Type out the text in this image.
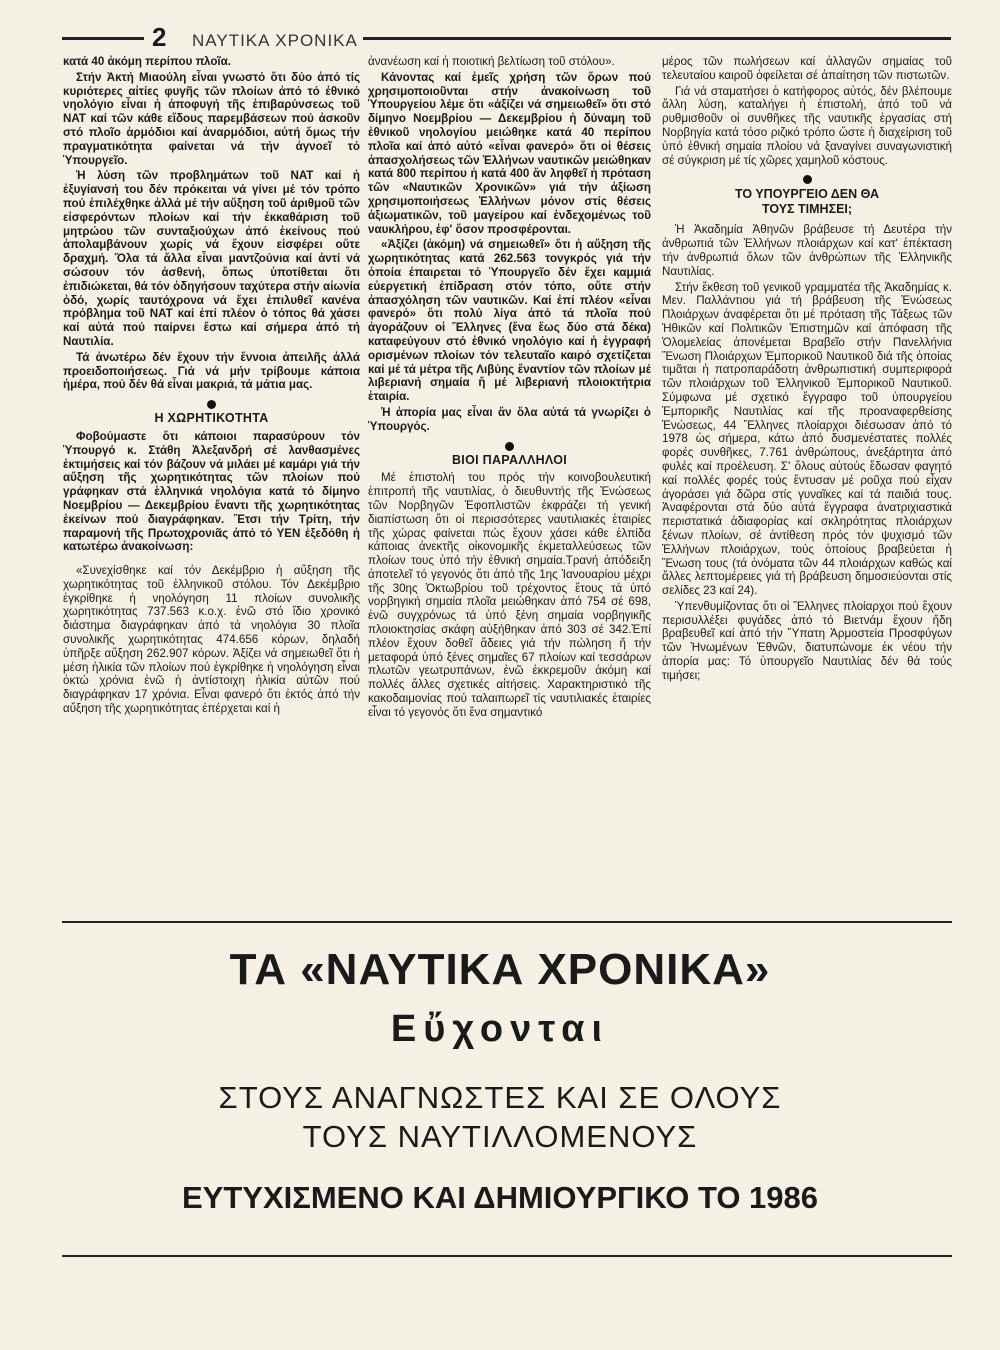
2 ΝΑΥΤΙΚΑ ΧΡΟΝΙΚΑ

κατά 40 ἀκόμη περίπου πλοῖα.

Στήν Ἀκτή Μιαούλη εἶναι γνωστό ὅτι δύο ἀπό τίς κυριότερες αἰτίες φυγῆς τῶν πλοίων ἀπό τό ἐθνικό νηολόγιο εἶναι ἡ ἀποφυγή τῆς ἐπιβαρύνσεως τοῦ ΝΑΤ καί τῶν κάθε εἴδους παρεμβάσεων πού ἀσκοῦν στό πλοῖο ἁρμόδιοι καί ἀναρμόδιοι, αὐτή ὅμως τήν πραγματικότητα φαίνεται νά τήν ἀγνοεῖ τό Ὑπουργεῖο.

Ἡ λύση τῶν προβλημάτων τοῦ ΝΑΤ καί ἡ ἐξυγίανσή του δέν πρόκειται νά γίνει μέ τόν τρόπο πού ἐπιλέχθηκε ἀλλά μέ τήν αὔξηση τοῦ ἀριθμοῦ τῶν εἰσφερόντων πλοίων καί τήν ἐκκαθάριση τοῦ μητρώου τῶν συνταξιούχων ἀπό ἐκείνους πού ἀπολαμβάνουν χωρίς νά ἔχουν εἰσφέρει οὔτε δραχμή. Ὅλα τά ἄλλα εἶναι μαντζούνια καί ἀντί νά σώσουν τόν ἀσθενή, ὅπως ὑποτίθεται ὅτι ἐπιδιώκεται, θά τόν ὁδηγήσουν ταχύτερα στήν αἰωνία ὁδό, χωρίς ταυτόχρονα νά ἔχει ἐπιλυθεῖ κανένα πρόβλημα τοῦ ΝΑΤ καί ἐπί πλέον ὁ τόπος θά χάσει καί αὐτά πού παίρνει ἔστω καί σήμερα ἀπό τή Ναυτιλία.

Τά ἀνωτέρω δέν ἔχουν τήν ἔννοια ἀπειλῆς ἀλλά προειδοποιήσεως. Γιά νά μήν τρίβουμε κάποια ἡμέρα, πού δέν θά εἶναι μακριά, τά μάτια μας.

Η ΧΩΡΗΤΙΚΟΤΗΤΑ

Φοβούμαστε ὅτι κάποιοι παρασύρουν τόν Ὑπουργό κ. Στάθη Ἀλεξανδρή σέ λανθασμένες ἐκτιμήσεις καί τόν βάζουν νά μιλάει μέ καμάρι γιά τήν αὔξηση τῆς χωρητικότητας τῶν πλοίων πού γράφηκαν στά ἑλληνικά νηολόγια κατά τό δίμηνο Νοεμβρίου — Δεκεμβρίου ἔναντι τῆς χωρητικότητας ἐκείνων πού διαγράφηκαν. Ἔτσι τήν Τρίτη, τήν παραμονή τῆς Πρωτοχρονιᾶς ἀπό τό ΥΕΝ ἐξεδόθη ἡ κατωτέρω ἀνακοίνωση:

«Συνεχίσθηκε καί τόν Δεκέμβριο ἡ αὔξηση τῆς χωρητικότητας τοῦ ἑλληνικοῦ στόλου. Τόν Δεκέμβριο ἐγκρίθηκε ἡ νηολόγηση 11 πλοίων συνολικῆς χωρητικότητας 737.563 κ.ο.χ. ἐνῶ στό ἴδιο χρονικό διάστημα διαγράφηκαν ἀπό τά νηολόγια 30 πλοῖα συνολικῆς χωρητικότητας 474.656 κόρων, δηλαδή ὑπῆρξε αὔξηση 262.907 κόρων. Ἀξίζει νά σημειωθεῖ ὅτι ἡ μέση ἡλικία τῶν πλοίων πού ἐγκρίθηκε ἡ νηολόγηση εἶναι ὀκτώ χρόνια ἐνῶ ἡ ἀντίστοιχη ἡλικία αὐτῶν πού διαγράφηκαν 17 χρόνια. Εἶναι φανερό ὅτι ἐκτός ἀπό τήν αὔξηση τῆς χωρητικότητας ἐπέρχεται καί ἡ

ἀνανέωση καί ἡ ποιοτική βελτίωση τοῦ στόλου».

Κάνοντας καί ἐμεῖς χρήση τῶν ὅρων πού χρησιμοποιοῦνται στήν ἀνακοίνωση τοῦ Ὑπουργείου λέμε ὅτι «ἀξίζει νά σημειωθεῖ» ὅτι στό δίμηνο Νοεμβρίου — Δεκεμβρίου ἡ δύναμη τοῦ ἐθνικοῦ νηολογίου μειώθηκε κατά 40 περίπου πλοῖα καί ἀπό αὐτό «εἶναι φανερό» ὅτι οἱ θέσεις ἀπασχολήσεως τῶν Ἑλλήνων ναυτικῶν μειώθηκαν κατά 800 περίπου ἡ κατά 400 ἄν ληφθεῖ ἡ πρόταση τῶν «Ναυτικῶν Χρονικῶν» γιά τήν ἀξίωση χρησιμοποιήσεως Ἑλλήνων μόνον στίς θέσεις ἀξιωματικῶν, τοῦ μαγείρου καί ἐνδεχομένως τοῦ ναυκλήρου, ἐφ' ὅσον προσφέρονται.

«Ἀξίζει (ἀκόμη) νά σημειωθεῖ» ὅτι ἡ αὔξηση τῆς χωρητικότητας κατά 262.563 τονγκρός γιά τήν ὁποία ἐπαιρεται τό Ὑπουργεῖο δέν ἔχει καμμιά εὐεργετική ἐπίδραση στόν τόπο, οὔτε στήν ἀπασχόληση τῶν ναυτικῶν. Καί ἐπί πλέον «εἶναι φανερό» ὅτι πολύ λίγα ἀπό τά πλοῖα πού ἀγοράζουν οἱ Ἕλληνες (ἕνα ἕως δύο στά δέκα) καταφεύγουν στό ἐθνικό νηολόγιο καί ἡ ἐγγραφή ορισμένων πλοίων τόν τελευταῖο καιρό σχετίζεται καί μέ τά μέτρα τῆς Λιβύης ἔναντίον τῶν πλοίων μέ λιβεριανή σημαία ἤ μέ λιβεριανή πλοιοκτήτρια ἑταιρία.

Ἡ ἀπορία μας εἶναι ἄν ὅλα αὐτά τά γνωρίζει ὁ Ὑπουργός.

ΒΙΟΙ ΠΑΡΑΛΛΗΛΟΙ

Μέ ἐπιστολή του πρός τήν κοινοβουλευτική ἐπιτροπή τῆς ναυτιλίας, ὁ διευθυντής τῆς Ἑνώσεως τῶν Νορβηγῶν Ἐφοπλιστῶν ἐκφράζει τή γενική διαπίστωση ὅτι οἱ περισσότερες ναυτιλιακές ἑταιρίες τῆς χώρας φαίνεται πώς ἔχουν χάσει κάθε ἐλπίδα κάποιας ἀνεκτῆς οἰκονομικῆς ἐκμεταλλεύσεως τῶν πλοίων τους ὑπό τήν ἐθνική σημαία.Τρανή ἀπόδειξη ἀποτελεῖ τό γεγονός ὅτι ἀπό τῆς 1ης Ἰανουαρίου μέχρι τῆς 30ης Ὀκτωβρίου τοῦ τρέχοντος ἔτους τά ὑπό νορβηγική σημαία πλοῖα μειώθηκαν ἀπό 754 σέ 698, ἐνῶ συγχρόνως τά ὑπό ξένη σημαία νορβηγικῆς πλοιοκτησίας σκάφη αὐξήθηκαν ἀπό 303 σέ 342.Ἐπί πλέον ἔχουν δοθεῖ ἄδειες γιά τήν πώληση ἤ τήν μεταφορά ὑπό ξένες σημαῖες 67 πλοίων καί τεσσάρων πλωτῶν γεωτρυπάνων, ἐνῶ ἐκκρεμοῦν ἀκόμη καί πολλές ἄλλες σχετικές αἰτήσεις. Χαρακτηριστικό τῆς κακοδαιμονίας πού ταλαιπωρεῖ τίς ναυτιλιακές ἑταιρίες εἶναι τό γεγονός ὅτι ἕνα σημαντικό

μέρος τῶν πωλήσεων καί ἀλλαγῶν σημαίας τοῦ τελευταίου καιροῦ ὀφείλεται σέ ἀπαίτηση τῶν πιστωτῶν.

Γιά νά σταματήσει ὁ κατήφορος αὐτός, δέν βλέπουμε ἄλλη λύση, καταλήγει ἡ ἐπιστολή, ἀπό τοῦ νά ρυθμισθοῦν οἱ συνθῆκες τῆς ναυτικῆς ἐργασίας στή Νορβηγία κατά τόσο ριζικό τρόπο ὥστε ἡ διαχείριση τοῦ ὑπό ἐθνική σημαία πλοίου νά ξαναγίνει συναγωνιστική σέ σύγκριση μέ τίς χῶρες χαμηλοῦ κόστους.

ΤΟ ΥΠΟΥΡΓΕΙΟ ΔΕΝ ΘΑ
ΤΟΥΣ ΤΙΜΗΣΕΙ;

Ἡ Ἀκαδημία Ἀθηνῶν βράβευσε τή Δευτέρα τήν ἀνθρωπιά τῶν Ἑλλήνων πλοιάρχων καί κατ' ἐπέκταση τήν ἀνθρωπιά ὅλων τῶν ἀνθρώπων τῆς Ἑλληνικῆς Ναυτιλίας.

Στήν ἔκθεση τοῦ γενικοῦ γραμματέα τῆς Ἀκαδημίας κ. Μεν. Παλλάντιου γιά τή βράβευση τῆς Ἑνώσεως Πλοιάρχων ἀναφέρεται ὅτι μέ πρόταση τῆς Τάξεως τῶν Ἠθικῶν καί Πολιτικῶν Ἐπιστημῶν καί ἀπόφαση τῆς Ὁλομελείας ἀπονέμεται Βραβεῖο στήν Πανελλήνια Ἕνωση Πλοιάρχων Ἐμπορικοῦ Ναυτικοῦ διά τῆς ὁποίας τιμᾶται ἡ πατροπαράδοτη ἀνθρωπιστική συμπεριφορά τῶν πλοιάρχων τοῦ Ἑλληνικοῦ Ἐμπορικοῦ Ναυτικοῦ. Σύμφωνα μέ σχετικό ἔγγραφο τοῦ ὑπουργείου Ἐμπορικῆς Ναυτιλίας καί τῆς προαναφερθείσης Ἑνώσεως, 44 Ἕλληνες πλοίαρχοι διέσωσαν ἀπό τό 1978 ὡς σήμερα, κάτω ἀπό δυσμενέστατες πολλές φορές συνθῆκες, 7.761 ἀνθρώπους, ἀνεξάρτητα ἀπό φυλές καί προέλευση. Σ' ὅλους αὐτούς ἔδωσαν φαγητό καί πολλές φορές τούς ἔντυσαν μέ ροῦχα πού εἶχαν ἀγοράσει γιά δῶρα στίς γυναῖκες καί τά παιδιά τους. Ἀναφέρονται στά δύο αὐτά ἔγγραφα ἀνατριχιαστικά περιστατικά ἀδιαφορίας καί σκληρότητας πλοιάρχων ξένων πλοίων, σέ ἀντίθεση πρός τόν ψυχισμό τῶν Ἑλλήνων πλοιάρχων, τούς ὁποίους βραβεύεται ἡ Ἕνωση τους (τά ὀνόματα τῶν 44 πλοιάρχων καθώς καί ἄλλες λεπτομέρειες γιά τή βράβευση δημοσιεύονται στίς σελίδες 23 καί 24).

Ὑπενθυμίζοντας ὅτι οἱ Ἕλληνες πλοίαρχοι πού ἔχουν περισυλλέξει φυγάδες ἀπό τό Βιετνάμ ἔχουν ἤδη βραβευθεῖ καί ἀπό τήν Ὕπατη Ἁρμοστεία Προσφύγων τῶν Ἡνωμένων Ἐθνῶν, διατυπώνομε ἐκ νέου τήν ἀπορία μας: Τό ὑπουργεῖο Ναυτιλίας δέν θά τούς τιμήσει;

ΤΑ «ΝΑΥΤΙΚΑ ΧΡΟΝΙΚΑ»
Εὔχονται
ΣΤΟΥΣ ΑΝΑΓΝΩΣΤΕΣ ΚΑΙ ΣΕ ΟΛΟΥΣ
ΤΟΥΣ ΝΑΥΤΙΛΛΟΜΕΝΟΥΣ
ΕΥΤΥΧΙΣΜΕΝΟ ΚΑΙ ΔΗΜΙΟΥΡΓΙΚΟ ΤΟ 1986
